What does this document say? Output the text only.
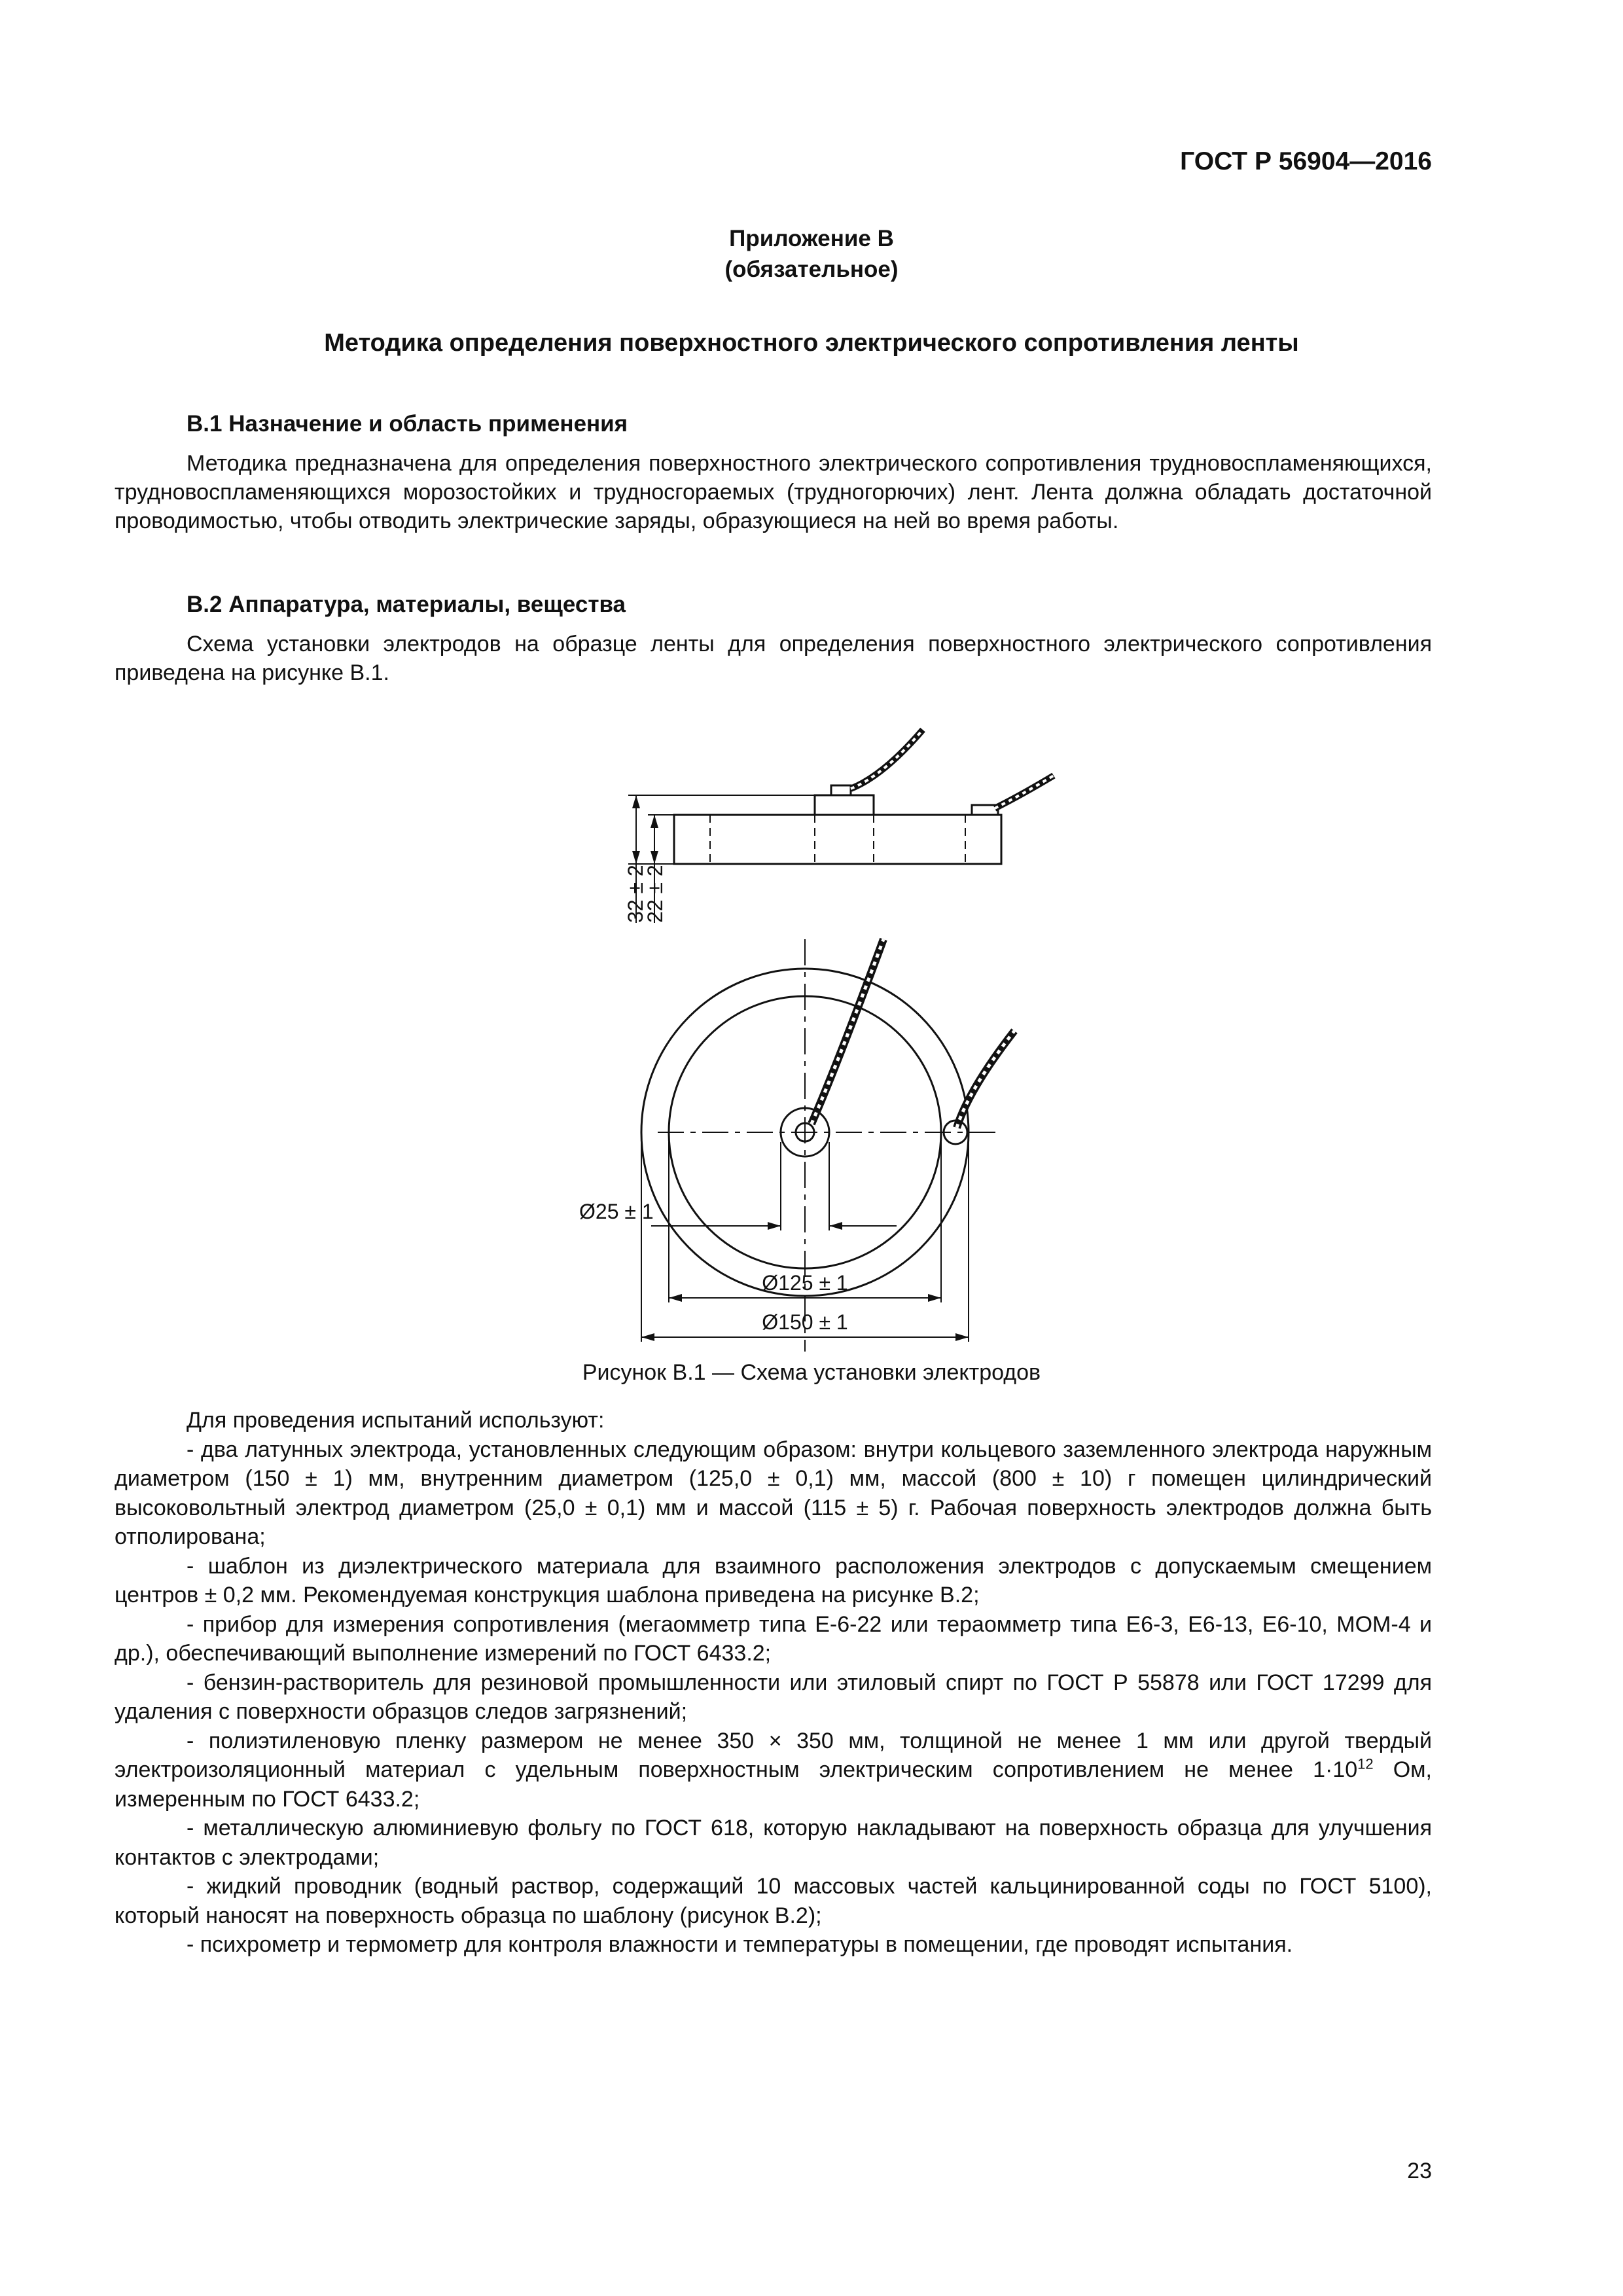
ГОСТ Р 56904—2016
Приложение В
(обязательное)
Методика определения поверхностного электрического сопротивления ленты
В.1 Назначение и область применения

Методика предназначена для определения поверхностного электрического сопротивления трудновоспламеняющихся, трудновоспламеняющихся морозостойких и трудносгораемых (трудногорючих) лент. Лента должна обладать достаточной проводимостью, чтобы отводить электрические заряды, образующиеся на ней во время работы.

В.2 Аппаратура, материалы, вещества

Схема установки электродов на образце ленты для определения поверхностного электрического сопротивления приведена на рисунке В.1.

32 ± 2
22 ± 2
Ø25 ± 1
Ø125 ± 1
Ø150 ± 1
Рисунок В.1 — Схема установки электродов

Для проведения испытаний используют:

- два латунных электрода, установленных следующим образом: внутри кольцевого заземленного электрода наружным диаметром (150 ± 1) мм, внутренним диаметром (125,0 ± 0,1) мм, массой (800 ± 10) г помещен цилиндрический высоковольтный электрод диаметром (25,0 ± 0,1) мм и массой (115 ± 5) г. Рабочая поверхность электродов должна быть отполирована;

- шаблон из диэлектрического материала для взаимного расположения электродов с допускаемым смещением центров ± 0,2 мм. Рекомендуемая конструкция шаблона приведена на рисунке В.2;

- прибор для измерения сопротивления (мегаомметр типа Е-6-22 или тераомметр типа Е6-3, Е6-13, Е6-10, МОМ-4 и др.), обеспечивающий выполнение измерений по ГОСТ 6433.2;

- бензин-растворитель для резиновой промышленности или этиловый спирт по ГОСТ Р 55878 или ГОСТ 17299 для удаления с поверхности образцов следов загрязнений;

- полиэтиленовую пленку размером не менее 350 × 350 мм, толщиной не менее 1 мм или другой твердый электроизоляционный материал с удельным поверхностным электрическим сопротивлением не менее $1\cdot 10^{12}$ Ом, измеренным по ГОСТ 6433.2;

- металлическую алюминиевую фольгу по ГОСТ 618, которую накладывают на поверхность образца для улучшения контактов с электродами;

- жидкий проводник (водный раствор, содержащий 10 массовых частей кальцинированной соды по ГОСТ 5100), который наносят на поверхность образца по шаблону (рисунок В.2);

- психрометр и термометр для контроля влажности и температуры в помещении, где проводят испытания.

23
